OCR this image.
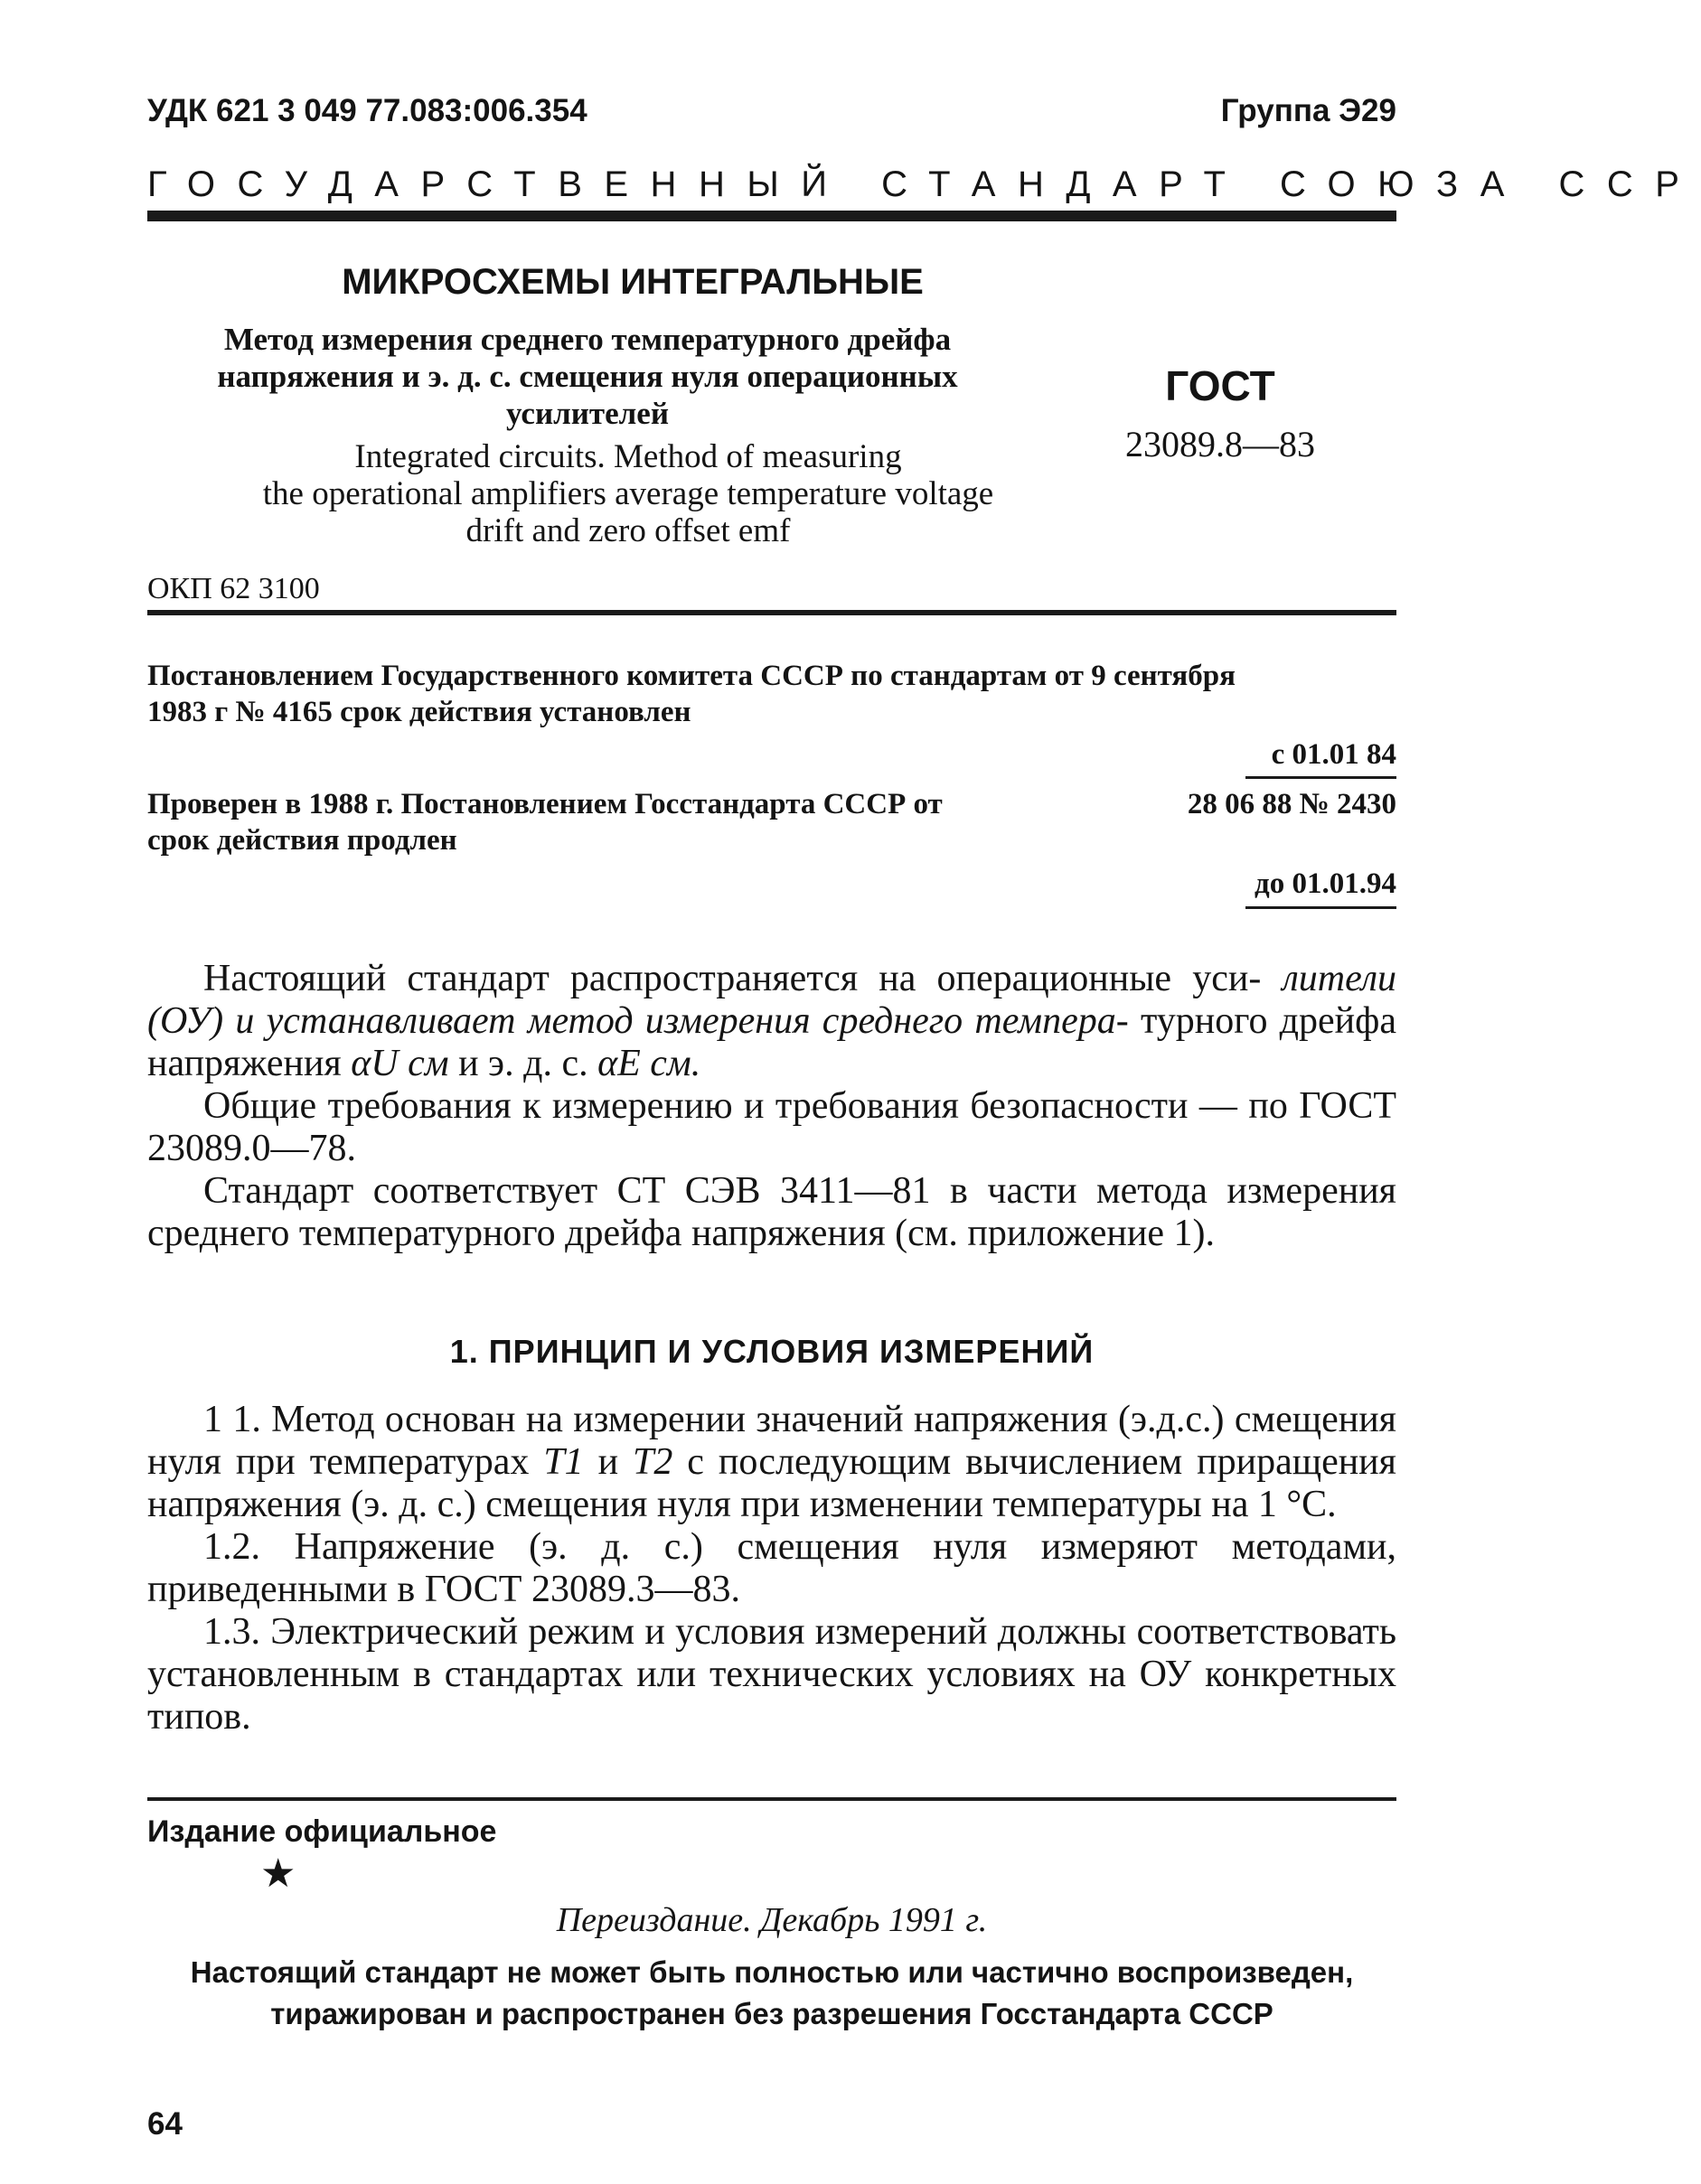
УДК 621 3 049 77.083:006.354	Группа Э29
ГОСУДАРСТВЕННЫЙ СТАНДАРТ СОЮЗА ССР
МИКРОСХЕМЫ ИНТЕГРАЛЬНЫЕ
Метод измерения среднего температурного дрейфа
напряжения и э. д. с. смещения нуля операционных
усилителей
Integrated circuits. Method of measuring
the operational amplifiers average temperature voltage
drift and zero offset emf
ГОСТ
23089.8—83
ОКП 62 3100
Постановлением Государственного комитета СССР по стандартам от 9 сентября
1983 г № 4165 срок действия установлен
с 01.01 84
Проверен в 1988 г. Постановлением Госстандарта СССР от	28 06 88 № 2430
срок действия продлен
до 01.01.94

Настоящий стандарт распространяется на операционные уси- лители (ОУ) и устанавливает метод измерения среднего темпера- турного дрейфа напряжения αU см и э. д. с. αE см.

Общие требования к измерению и требования безопасности — по ГОСТ 23089.0—78.

Стандарт соответствует СТ СЭВ 3411—81 в части метода измерения среднего температурного дрейфа напряжения (см. приложение 1).

1. ПРИНЦИП И УСЛОВИЯ ИЗМЕРЕНИЙ

1 1. Метод основан на измерении значений напряжения (э.д.с.) смещения нуля при температурах T1 и T2 с последующим вычислением приращения напряжения (э. д. с.) смещения нуля при изменении температуры на 1 °С.

1.2. Напряжение (э. д. с.) смещения нуля измеряют методами, приведенными в ГОСТ 23089.3—83.

1.3. Электрический режим и условия измерений должны соответствовать установленным в стандартах или технических условиях на ОУ конкретных типов.

Издание официальное
★
Переиздание. Декабрь 1991 г.
Настоящий стандарт не может быть полностью или частично воспроизведен,
тиражирован и распространен без разрешения Госстандарта СССР
64
